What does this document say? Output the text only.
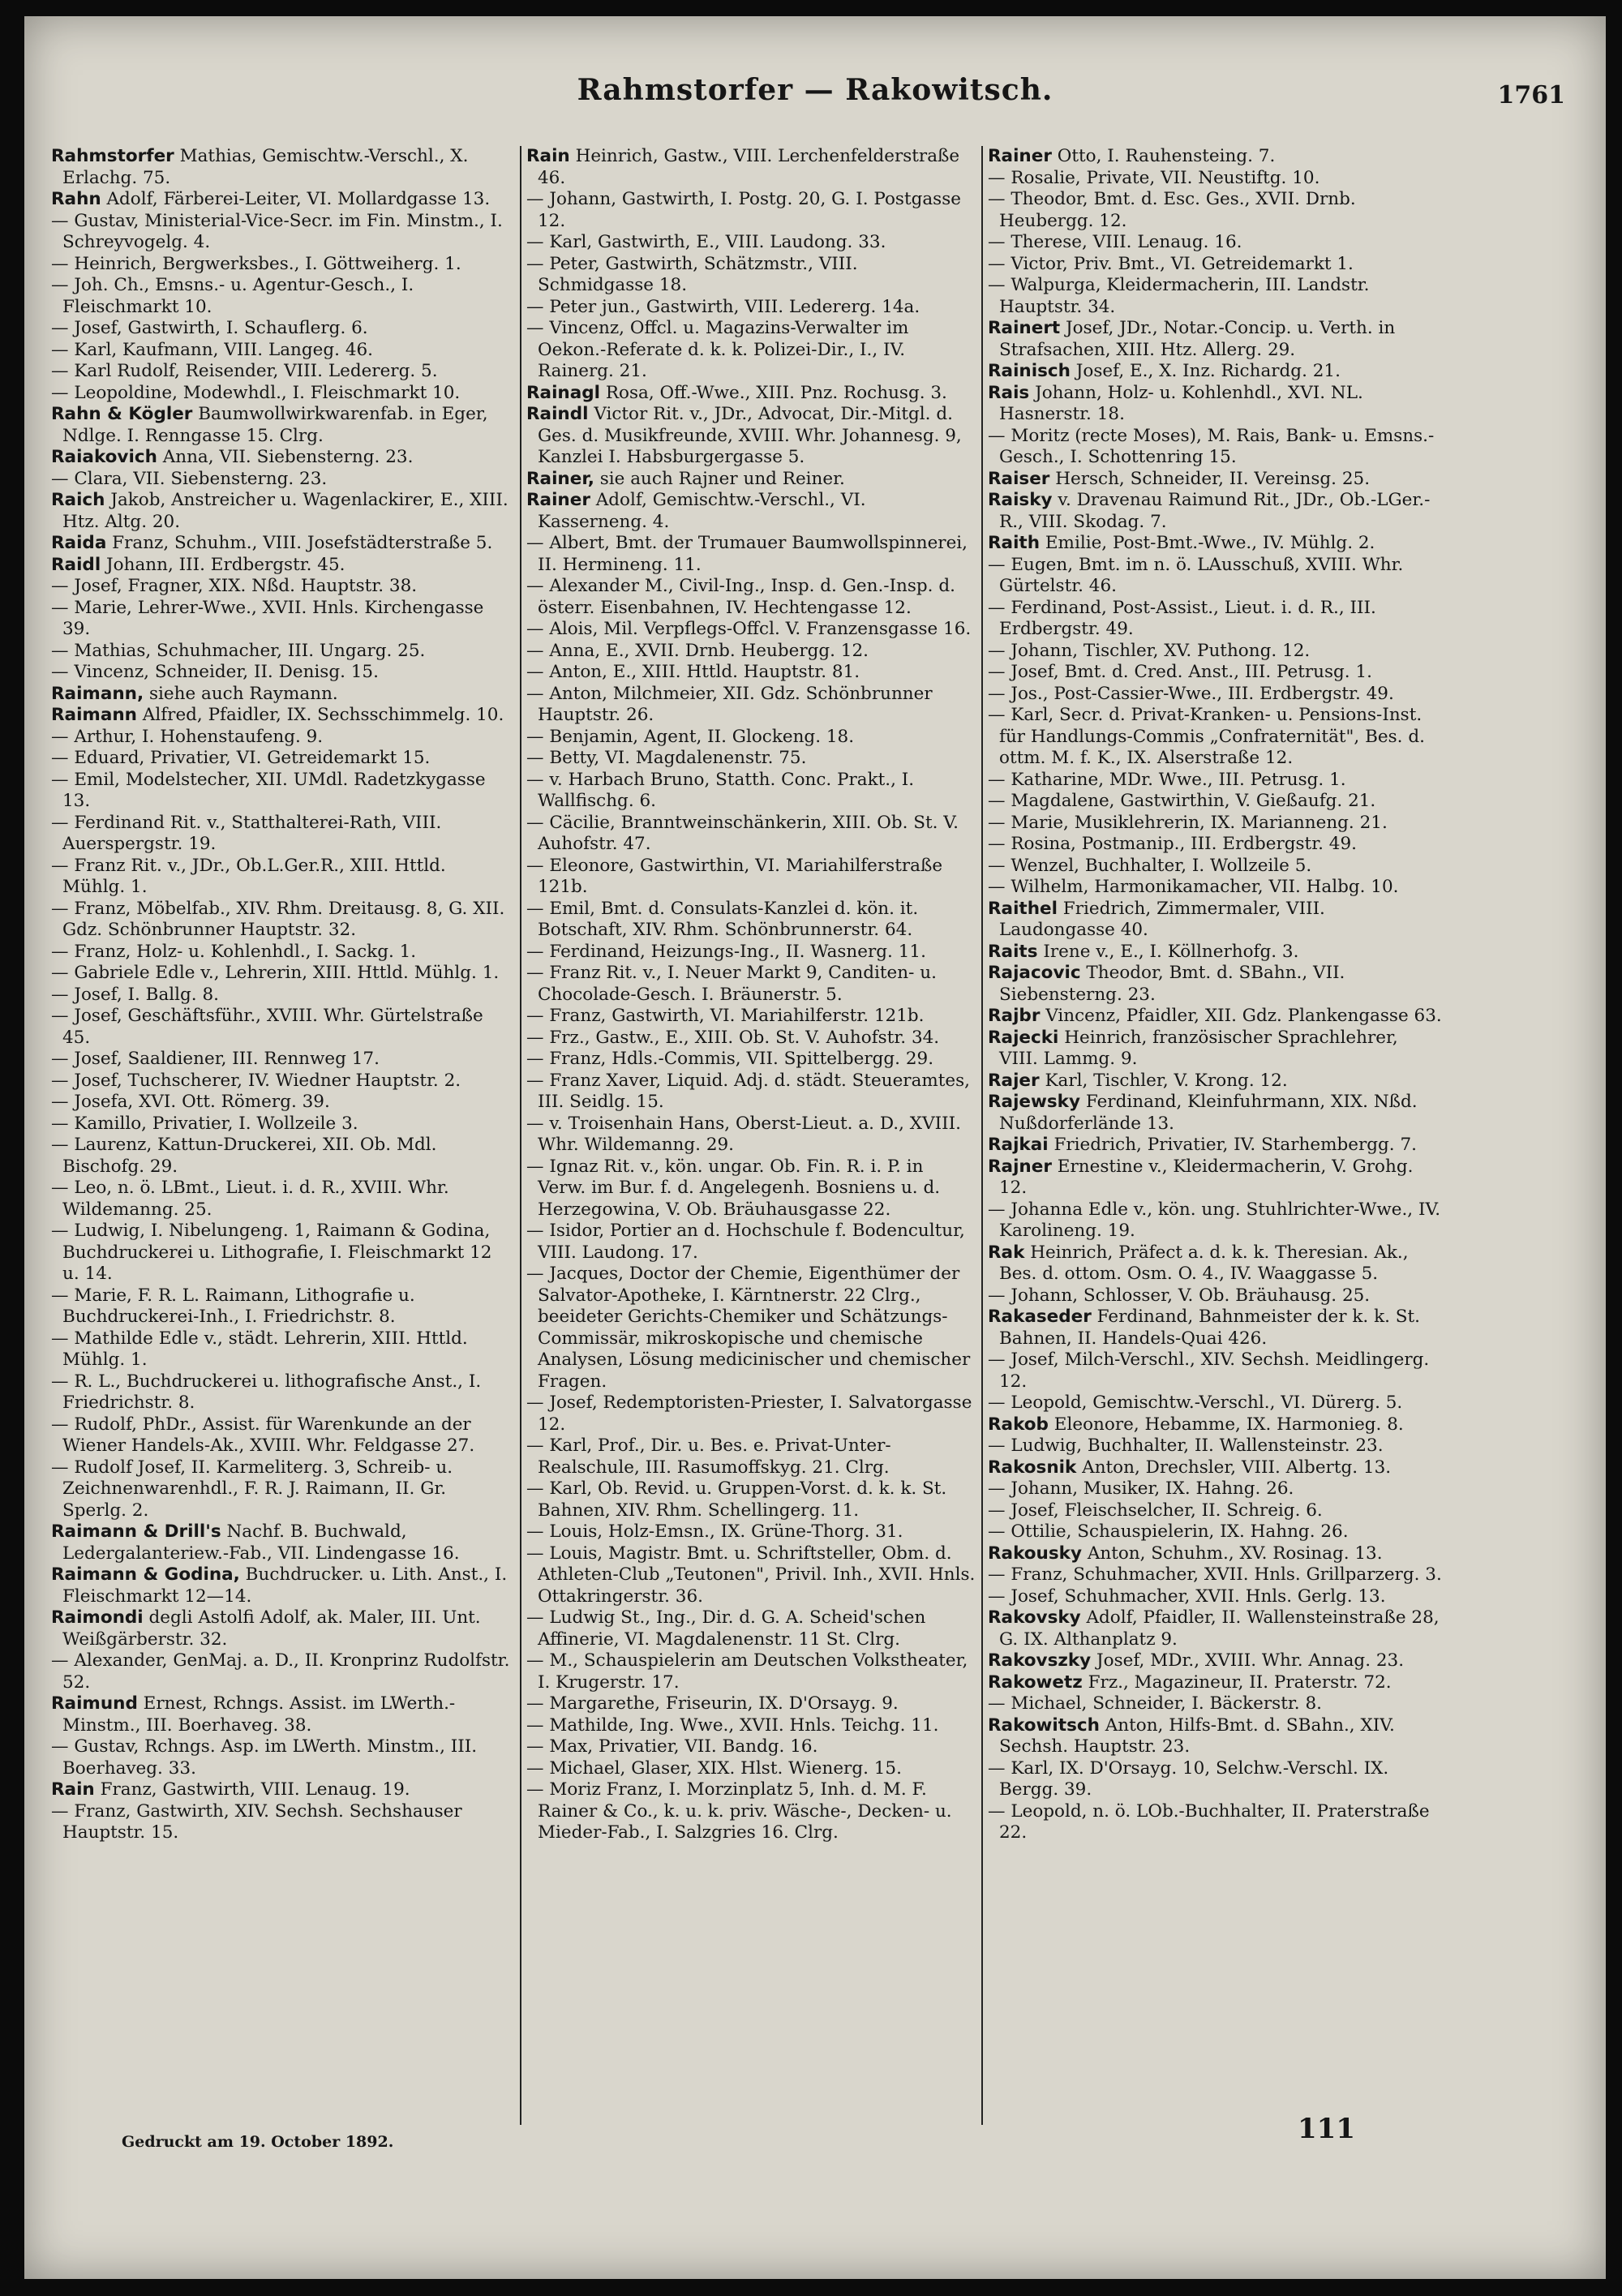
Rahmstorfer — Rakowitsch.	1761

Rahmstorfer Mathias, Gemischtw.-Verschl., X. Erlachg. 75.

Rahn Adolf, Färberei-Leiter, VI. Mollardgasse 13.

— Gustav, Ministerial-Vice-Secr. im Fin. Minstm., I. Schreyvogelg. 4.

— Heinrich, Bergwerksbes., I. Göttweiherg. 1.

— Joh. Ch., Emsns.- u. Agentur-Gesch., I. Fleischmarkt 10.

— Josef, Gastwirth, I. Schauflerg. 6.

— Karl, Kaufmann, VIII. Langeg. 46.

— Karl Rudolf, Reisender, VIII. Ledererg. 5.

— Leopoldine, Modewhdl., I. Fleischmarkt 10.

Rahn & Kögler Baumwollwirkwarenfab. in Eger, Ndlge. I. Renngasse 15. Clrg.

Raiakovich Anna, VII. Siebensterng. 23.

— Clara, VII. Siebensterng. 23.

Raich Jakob, Anstreicher u. Wagenlackirer, E., XIII. Htz. Altg. 20.

Raida Franz, Schuhm., VIII. Josefstädterstraße 5.

Raidl Johann, III. Erdbergstr. 45.

— Josef, Fragner, XIX. Nßd. Hauptstr. 38.

— Marie, Lehrer-Wwe., XVII. Hnls. Kirchengasse 39.

— Mathias, Schuhmacher, III. Ungarg. 25.

— Vincenz, Schneider, II. Denisg. 15.

Raimann, siehe auch Raymann.

Raimann Alfred, Pfaidler, IX. Sechsschimmelg. 10.

— Arthur, I. Hohenstaufeng. 9.

— Eduard, Privatier, VI. Getreidemarkt 15.

— Emil, Modelstecher, XII. UMdl. Radetzkygasse 13.

— Ferdinand Rit. v., Statthalterei-Rath, VIII. Auerspergstr. 19.

— Franz Rit. v., JDr., Ob.L.Ger.R., XIII. Httld. Mühlg. 1.

— Franz, Möbelfab., XIV. Rhm. Dreitausg. 8, G. XII. Gdz. Schönbrunner Hauptstr. 32.

— Franz, Holz- u. Kohlenhdl., I. Sackg. 1.

— Gabriele Edle v., Lehrerin, XIII. Httld. Mühlg. 1.

— Josef, I. Ballg. 8.

— Josef, Geschäftsführ., XVIII. Whr. Gürtelstraße 45.

— Josef, Saaldiener, III. Rennweg 17.

— Josef, Tuchscherer, IV. Wiedner Hauptstr. 2.

— Josefa, XVI. Ott. Römerg. 39.

— Kamillo, Privatier, I. Wollzeile 3.

— Laurenz, Kattun-Druckerei, XII. Ob. Mdl. Bischofg. 29.

— Leo, n. ö. LBmt., Lieut. i. d. R., XVIII. Whr. Wildemanng. 25.

— Ludwig, I. Nibelungeng. 1, Raimann & Godina, Buchdruckerei u. Lithografie, I. Fleischmarkt 12 u. 14.

— Marie, F. R. L. Raimann, Lithografie u. Buchdruckerei-Inh., I. Friedrichstr. 8.

— Mathilde Edle v., städt. Lehrerin, XIII. Httld. Mühlg. 1.

— R. L., Buchdruckerei u. lithografische Anst., I. Friedrichstr. 8.

— Rudolf, PhDr., Assist. für Warenkunde an der Wiener Handels-Ak., XVIII. Whr. Feldgasse 27.

— Rudolf Josef, II. Karmeliterg. 3, Schreib- u. Zeichnenwarenhdl., F. R. J. Raimann, II. Gr. Sperlg. 2.

Raimann & Drill's Nachf. B. Buchwald, Ledergalanteriew.-Fab., VII. Lindengasse 16.

Raimann & Godina, Buchdrucker. u. Lith. Anst., I. Fleischmarkt 12—14.

Raimondi degli Astolfi Adolf, ak. Maler, III. Unt. Weißgärberstr. 32.

— Alexander, GenMaj. a. D., II. Kronprinz Rudolfstr. 52.

Raimund Ernest, Rchngs. Assist. im LWerth.-Minstm., III. Boerhaveg. 38.

— Gustav, Rchngs. Asp. im LWerth. Minstm., III. Boerhaveg. 33.

Rain Franz, Gastwirth, VIII. Lenaug. 19.

— Franz, Gastwirth, XIV. Sechsh. Sechshauser Hauptstr. 15.

Rain Heinrich, Gastw., VIII. Lerchenfelderstraße 46.

— Johann, Gastwirth, I. Postg. 20, G. I. Postgasse 12.

— Karl, Gastwirth, E., VIII. Laudong. 33.

— Peter, Gastwirth, Schätzmstr., VIII. Schmidgasse 18.

— Peter jun., Gastwirth, VIII. Ledererg. 14a.

— Vincenz, Offcl. u. Magazins-Verwalter im Oekon.-Referate d. k. k. Polizei-Dir., I., IV. Rainerg. 21.

Rainagl Rosa, Off.-Wwe., XIII. Pnz. Rochusg. 3.

Raindl Victor Rit. v., JDr., Advocat, Dir.-Mitgl. d. Ges. d. Musikfreunde, XVIII. Whr. Johannesg. 9, Kanzlei I. Habsburgergasse 5.

Rainer, sie auch Rajner und Reiner.

Rainer Adolf, Gemischtw.-Verschl., VI. Kasserneng. 4.

— Albert, Bmt. der Trumauer Baumwollspinnerei, II. Hermineng. 11.

— Alexander M., Civil-Ing., Insp. d. Gen.-Insp. d. österr. Eisenbahnen, IV. Hechtengasse 12.

— Alois, Mil. Verpflegs-Offcl. V. Franzensgasse 16.

— Anna, E., XVII. Drnb. Heubergg. 12.

— Anton, E., XIII. Httld. Hauptstr. 81.

— Anton, Milchmeier, XII. Gdz. Schönbrunner Hauptstr. 26.

— Benjamin, Agent, II. Glockeng. 18.

— Betty, VI. Magdalenenstr. 75.

— v. Harbach Bruno, Statth. Conc. Prakt., I. Wallfischg. 6.

— Cäcilie, Branntweinschänkerin, XIII. Ob. St. V. Auhofstr. 47.

— Eleonore, Gastwirthin, VI. Mariahilferstraße 121b.

— Emil, Bmt. d. Consulats-Kanzlei d. kön. it. Botschaft, XIV. Rhm. Schönbrunnerstr. 64.

— Ferdinand, Heizungs-Ing., II. Wasnerg. 11.

— Franz Rit. v., I. Neuer Markt 9, Canditen- u. Chocolade-Gesch. I. Bräunerstr. 5.

— Franz, Gastwirth, VI. Mariahilferstr. 121b.

— Frz., Gastw., E., XIII. Ob. St. V. Auhofstr. 34.

— Franz, Hdls.-Commis, VII. Spittelbergg. 29.

— Franz Xaver, Liquid. Adj. d. städt. Steueramtes, III. Seidlg. 15.

— v. Troisenhain Hans, Oberst-Lieut. a. D., XVIII. Whr. Wildemanng. 29.

— Ignaz Rit. v., kön. ungar. Ob. Fin. R. i. P. in Verw. im Bur. f. d. Angelegenh. Bosniens u. d. Herzegowina, V. Ob. Bräuhausgasse 22.

— Isidor, Portier an d. Hochschule f. Bodencultur, VIII. Laudong. 17.

— Jacques, Doctor der Chemie, Eigenthümer der Salvator-Apotheke, I. Kärntnerstr. 22 Clrg., beeideter Gerichts-Chemiker und Schätzungs-Commissär, mikroskopische und chemische Analysen, Lösung medicinischer und chemischer Fragen.

— Josef, Redemptoristen-Priester, I. Salvatorgasse 12.

— Karl, Prof., Dir. u. Bes. e. Privat-Unter-Realschule, III. Rasumoffskyg. 21. Clrg.

— Karl, Ob. Revid. u. Gruppen-Vorst. d. k. k. St. Bahnen, XIV. Rhm. Schellingerg. 11.

— Louis, Holz-Emsn., IX. Grüne-Thorg. 31.

— Louis, Magistr. Bmt. u. Schriftsteller, Obm. d. Athleten-Club „Teutonen", Privil. Inh., XVII. Hnls. Ottakringerstr. 36.

— Ludwig St., Ing., Dir. d. G. A. Scheid'schen Affinerie, VI. Magdalenenstr. 11 St. Clrg.

— M., Schauspielerin am Deutschen Volkstheater, I. Krugerstr. 17.

— Margarethe, Friseurin, IX. D'Orsayg. 9.

— Mathilde, Ing. Wwe., XVII. Hnls. Teichg. 11.

— Max, Privatier, VII. Bandg. 16.

— Michael, Glaser, XIX. Hlst. Wienerg. 15.

— Moriz Franz, I. Morzinplatz 5, Inh. d. M. F. Rainer & Co., k. u. k. priv. Wäsche-, Decken- u. Mieder-Fab., I. Salzgries 16. Clrg.

Rainer Otto, I. Rauhensteing. 7.

— Rosalie, Private, VII. Neustiftg. 10.

— Theodor, Bmt. d. Esc. Ges., XVII. Drnb. Heubergg. 12.

— Therese, VIII. Lenaug. 16.

— Victor, Priv. Bmt., VI. Getreidemarkt 1.

— Walpurga, Kleidermacherin, III. Landstr. Hauptstr. 34.

Rainert Josef, JDr., Notar.-Concip. u. Verth. in Strafsachen, XIII. Htz. Allerg. 29.

Rainisch Josef, E., X. Inz. Richardg. 21.

Rais Johann, Holz- u. Kohlenhdl., XVI. NL. Hasnerstr. 18.

— Moritz (recte Moses), M. Rais, Bank- u. Emsns.-Gesch., I. Schottenring 15.

Raiser Hersch, Schneider, II. Vereinsg. 25.

Raisky v. Dravenau Raimund Rit., JDr., Ob.-LGer.-R., VIII. Skodag. 7.

Raith Emilie, Post-Bmt.-Wwe., IV. Mühlg. 2.

— Eugen, Bmt. im n. ö. LAusschuß, XVIII. Whr. Gürtelstr. 46.

— Ferdinand, Post-Assist., Lieut. i. d. R., III. Erdbergstr. 49.

— Johann, Tischler, XV. Puthong. 12.

— Josef, Bmt. d. Cred. Anst., III. Petrusg. 1.

— Jos., Post-Cassier-Wwe., III. Erdbergstr. 49.

— Karl, Secr. d. Privat-Kranken- u. Pensions-Inst. für Handlungs-Commis „Confraternität", Bes. d. ottm. M. f. K., IX. Alserstraße 12.

— Katharine, MDr. Wwe., III. Petrusg. 1.

— Magdalene, Gastwirthin, V. Gießaufg. 21.

— Marie, Musiklehrerin, IX. Marianneng. 21.

— Rosina, Postmanip., III. Erdbergstr. 49.

— Wenzel, Buchhalter, I. Wollzeile 5.

— Wilhelm, Harmonikamacher, VII. Halbg. 10.

Raithel Friedrich, Zimmermaler, VIII. Laudongasse 40.

Raits Irene v., E., I. Köllnerhofg. 3.

Rajacovic Theodor, Bmt. d. SBahn., VII. Siebensterng. 23.

Rajbr Vincenz, Pfaidler, XII. Gdz. Plankengasse 63.

Rajecki Heinrich, französischer Sprachlehrer, VIII. Lammg. 9.

Rajer Karl, Tischler, V. Krong. 12.

Rajewsky Ferdinand, Kleinfuhrmann, XIX. Nßd. Nußdorferlände 13.

Rajkai Friedrich, Privatier, IV. Starhembergg. 7.

Rajner Ernestine v., Kleidermacherin, V. Grohg. 12.

— Johanna Edle v., kön. ung. Stuhlrichter-Wwe., IV. Karolineng. 19.

Rak Heinrich, Präfect a. d. k. k. Theresian. Ak., Bes. d. ottom. Osm. O. 4., IV. Waaggasse 5.

— Johann, Schlosser, V. Ob. Bräuhausg. 25.

Rakaseder Ferdinand, Bahnmeister der k. k. St. Bahnen, II. Handels-Quai 426.

— Josef, Milch-Verschl., XIV. Sechsh. Meidlingerg. 12.

— Leopold, Gemischtw.-Verschl., VI. Dürerg. 5.

Rakob Eleonore, Hebamme, IX. Harmonieg. 8.

— Ludwig, Buchhalter, II. Wallensteinstr. 23.

Rakosnik Anton, Drechsler, VIII. Albertg. 13.

— Johann, Musiker, IX. Hahng. 26.

— Josef, Fleischselcher, II. Schreig. 6.

— Ottilie, Schauspielerin, IX. Hahng. 26.

Rakousky Anton, Schuhm., XV. Rosinag. 13.

— Franz, Schuhmacher, XVII. Hnls. Grillparzerg. 3.

— Josef, Schuhmacher, XVII. Hnls. Gerlg. 13.

Rakovsky Adolf, Pfaidler, II. Wallensteinstraße 28, G. IX. Althanplatz 9.

Rakovszky Josef, MDr., XVIII. Whr. Annag. 23.

Rakowetz Frz., Magazineur, II. Praterstr. 72.

— Michael, Schneider, I. Bäckerstr. 8.

Rakowitsch Anton, Hilfs-Bmt. d. SBahn., XIV. Sechsh. Hauptstr. 23.

— Karl, IX. D'Orsayg. 10, Selchw.-Verschl. IX. Bergg. 39.

— Leopold, n. ö. LOb.-Buchhalter, II. Praterstraße 22.

Gedruckt am 19. October 1892.	111
